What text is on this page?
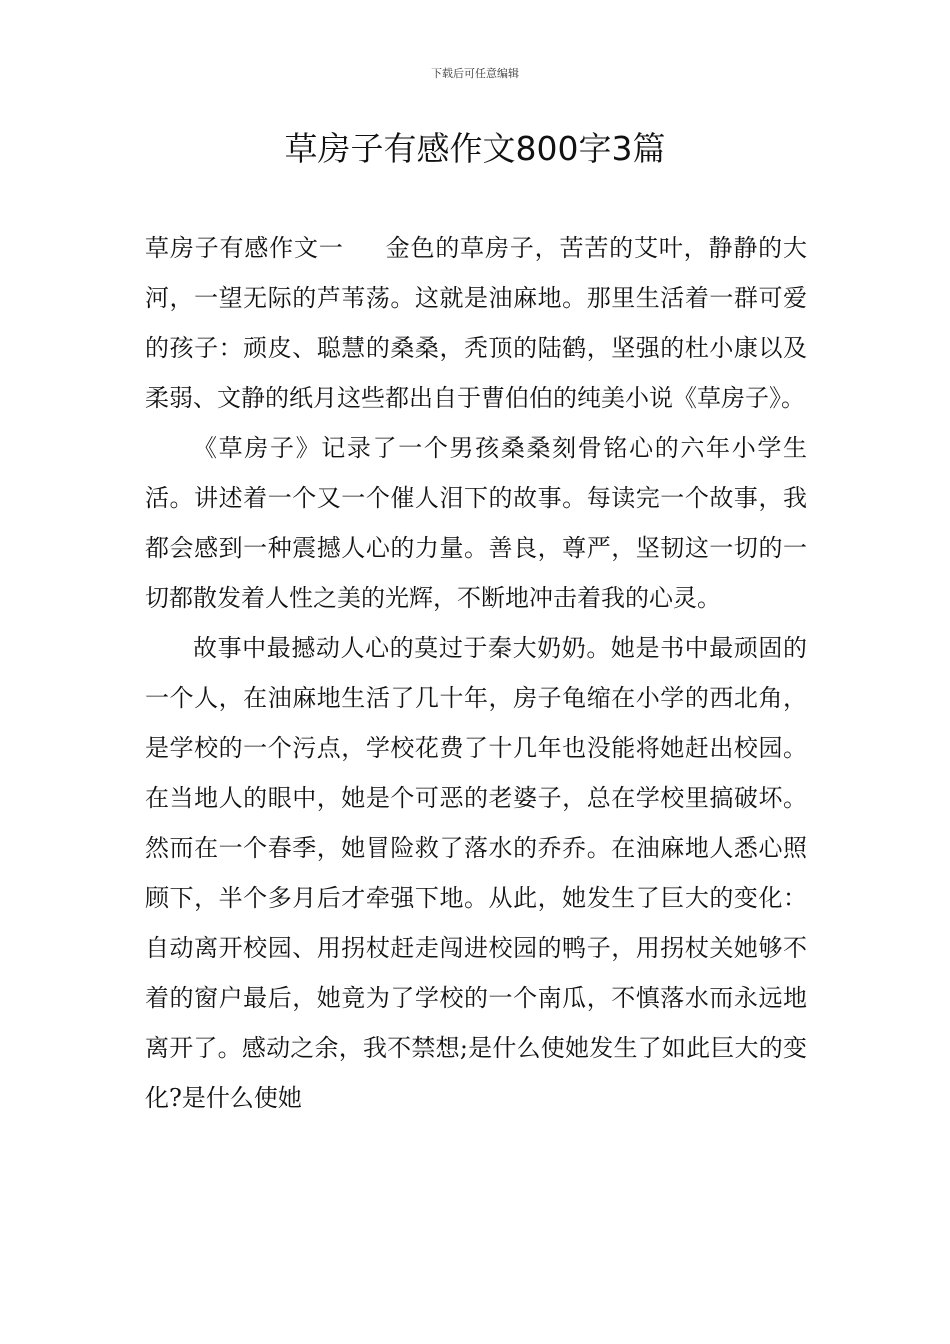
下载后可任意编辑
草房子有感作文800字3篇

草房子有感作文一 金色的草房子，苦苦的艾叶，静静的大河，一望无际的芦苇荡。这就是油麻地。那里生活着一群可爱的孩子：顽皮、聪慧的桑桑，秃顶的陆鹤，坚强的杜小康以及柔弱、文静的纸月这些都出自于曹伯伯的纯美小说《草房子》。

《草房子》记录了一个男孩桑桑刻骨铭心的六年小学生活。讲述着一个又一个催人泪下的故事。每读完一个故事，我都会感到一种震撼人心的力量。善良，尊严，坚韧这一切的一切都散发着人性之美的光辉，不断地冲击着我的心灵。

故事中最撼动人心的莫过于秦大奶奶。她是书中最顽固的一个人，在油麻地生活了几十年，房子龟缩在小学的西北角，是学校的一个污点，学校花费了十几年也没能将她赶出校园。在当地人的眼中，她是个可恶的老婆子，总在学校里搞破坏。然而在一个春季，她冒险救了落水的乔乔。在油麻地人悉心照顾下，半个多月后才牵强下地。从此，她发生了巨大的变化：自动离开校园、用拐杖赶走闯进校园的鸭子，用拐杖关她够不着的窗户最后，她竟为了学校的一个南瓜，不慎落水而永远地离开了。感动之余，我不禁想;是什么使她发生了如此巨大的变化?是什么使她
